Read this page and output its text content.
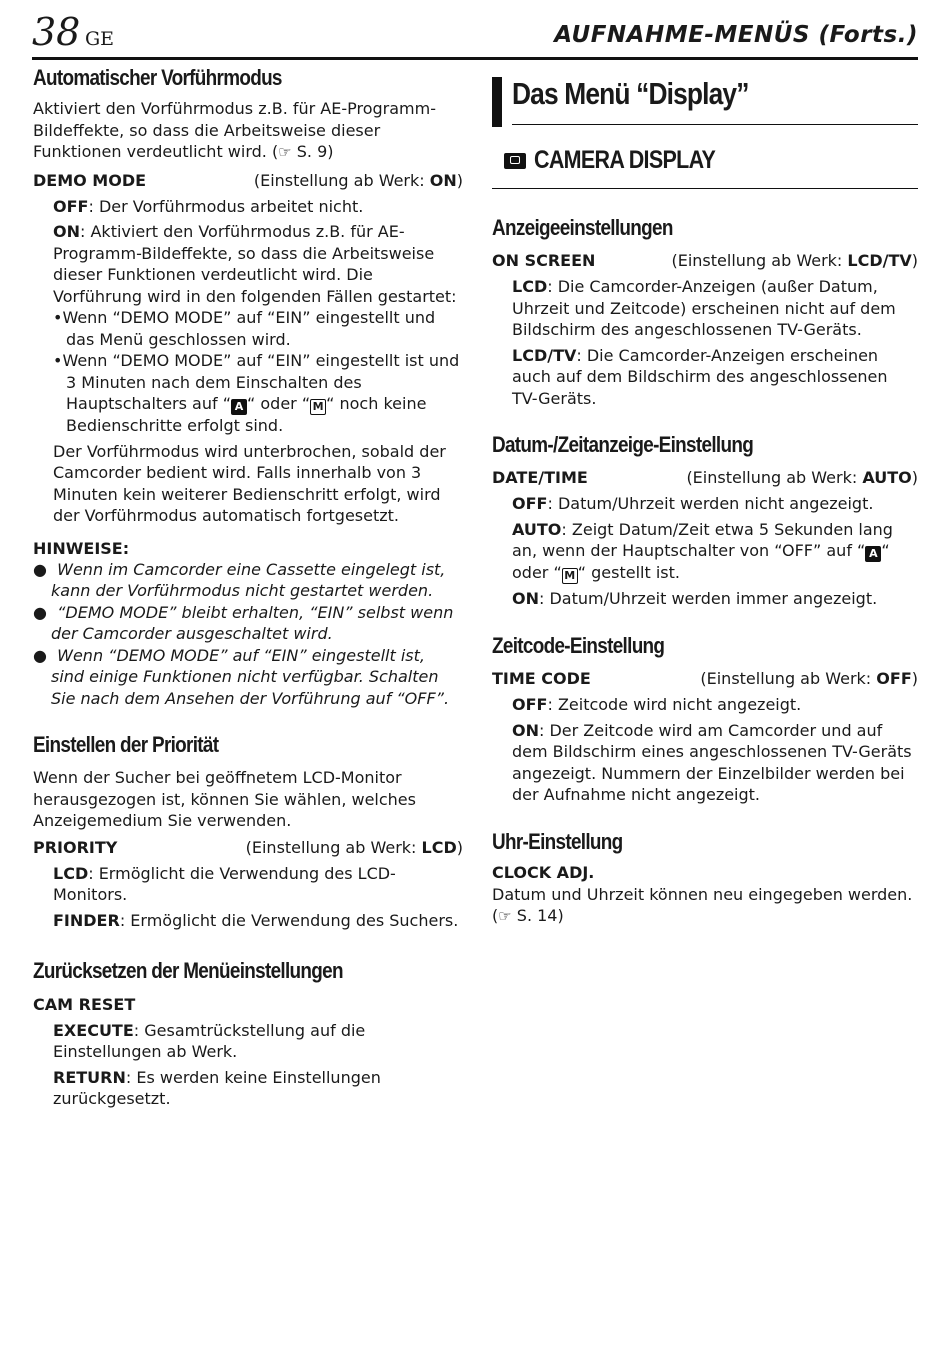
38 GE	AUFNAHME-MENÜS (Forts.)
Automatischer Vorführmodus

Aktiviert den Vorführmodus z.B. für AE-Programm-Bildeffekte, so dass die Arbeitsweise dieser Funktionen verdeutlicht wird. (☞ S. 9)

DEMO MODE	(Einstellung ab Werk: ON)
OFF: Der Vorführmodus arbeitet nicht.
ON: Aktiviert den Vorführmodus z.B. für AE-Programm-Bildeffekte, so dass die Arbeitsweise dieser Funktionen verdeutlicht wird. Die Vorführung wird in den folgenden Fällen gestartet:
•Wenn “DEMO MODE” auf “EIN” eingestellt und das Menü geschlossen wird.
•Wenn “DEMO MODE” auf “EIN” eingestellt ist und 3 Minuten nach dem Einschalten des Hauptschalters auf “ A “ oder “ M “ noch keine Bedienschritte erfolgt sind.
Der Vorführmodus wird unterbrochen, sobald der Camcorder bedient wird. Falls innerhalb von 3 Minuten kein weiterer Bedienschritt erfolgt, wird der Vorführmodus automatisch fortgesetzt.

HINWEISE:

●  Wenn im Camcorder eine Cassette eingelegt ist, kann der Vorführmodus nicht gestartet werden.
●  “DEMO MODE” bleibt erhalten, “EIN” selbst wenn der Camcorder ausgeschaltet wird.
●  Wenn “DEMO MODE” auf “EIN” eingestellt ist, sind einige Funktionen nicht verfügbar. Schalten Sie nach dem Ansehen der Vorführung auf “OFF”.
Einstellen der Priorität

Wenn der Sucher bei geöffnetem LCD-Monitor herausgezogen ist, können Sie wählen, welches Anzeigemedium Sie verwenden.

PRIORITY	(Einstellung ab Werk: LCD)
LCD: Ermöglicht die Verwendung des LCD-Monitors.
FINDER: Ermöglicht die Verwendung des Suchers.
Zurücksetzen der Menüeinstellungen
CAM RESET
EXECUTE: Gesamtrückstellung auf die Einstellungen ab Werk.
RETURN: Es werden keine Einstellungen zurückgesetzt.
Das Menü “Display”
CAMERA DISPLAY
Anzeigeeinstellungen
ON SCREEN	(Einstellung ab Werk: LCD/TV)
LCD: Die Camcorder-Anzeigen (außer Datum, Uhrzeit und Zeitcode) erscheinen nicht auf dem Bildschirm des angeschlossenen TV-Geräts.
LCD/TV: Die Camcorder-Anzeigen erscheinen auch auf dem Bildschirm des angeschlossenen TV-Geräts.
Datum-/Zeitanzeige-Einstellung
DATE/TIME	(Einstellung ab Werk: AUTO)
OFF: Datum/Uhrzeit werden nicht angezeigt.
AUTO: Zeigt Datum/Zeit etwa 5 Sekunden lang an, wenn der Hauptschalter von “OFF” auf “ A “ oder “ M “ gestellt ist.
ON: Datum/Uhrzeit werden immer angezeigt.
Zeitcode-Einstellung
TIME CODE	(Einstellung ab Werk: OFF)
OFF: Zeitcode wird nicht angezeigt.
ON: Der Zeitcode wird am Camcorder und auf dem Bildschirm eines angeschlossenen TV-Geräts angezeigt. Nummern der Einzelbilder werden bei der Aufnahme nicht angezeigt.
Uhr-Einstellung
CLOCK ADJ.

Datum und Uhrzeit können neu eingegeben werden. (☞ S. 14)
